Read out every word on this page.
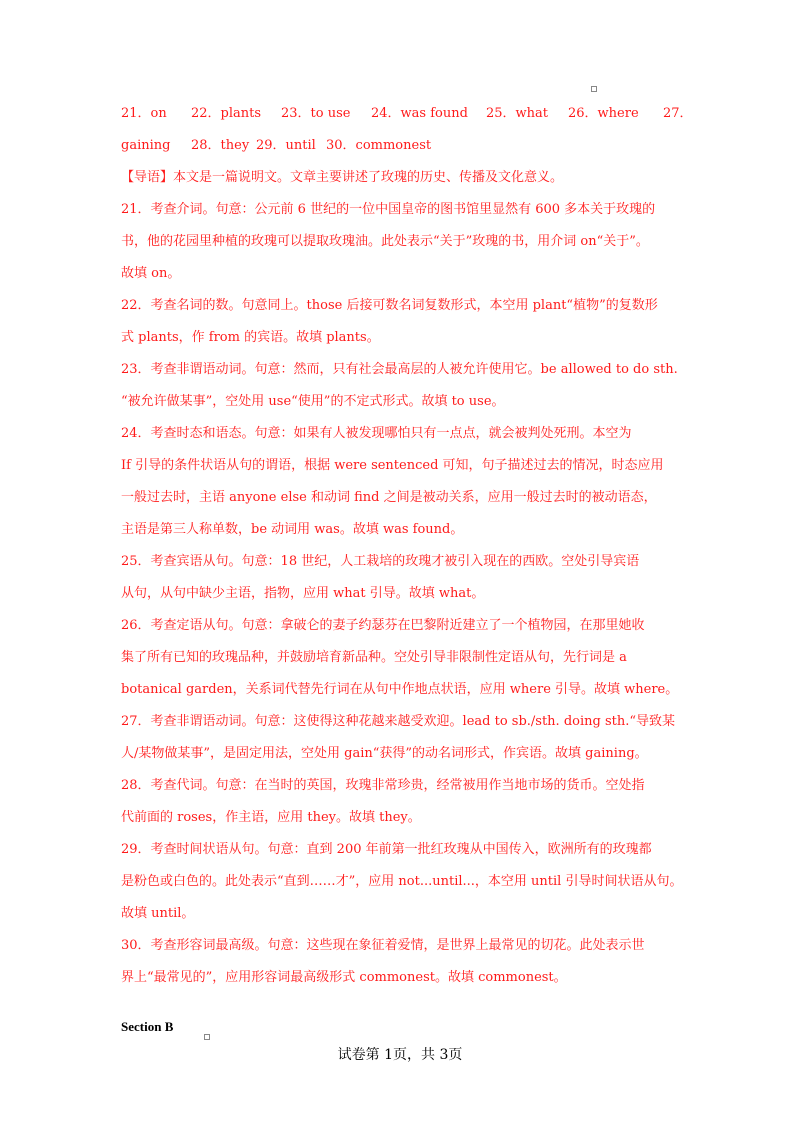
21．on 22．plants 23．to use 24．was found 25．what 26．where 27．
gaining 28．they 29．until 30．commonest
【导语】本文是一篇说明文。文章主要讲述了玫瑰的历史、传播及文化意义。
21．考查介词。句意：公元前 6 世纪的一位中国皇帝的图书馆里显然有 600 多本关于玫瑰的
书，他的花园里种植的玫瑰可以提取玫瑰油。此处表示“关于”玫瑰的书，用介词 on“关于”。
故填 on。
22．考查名词的数。句意同上。those 后接可数名词复数形式，本空用 plant“植物”的复数形
式 plants，作 from 的宾语。故填 plants。
23．考查非谓语动词。句意：然而，只有社会最高层的人被允许使用它。be allowed to do sth.
“被允许做某事”，空处用 use“使用”的不定式形式。故填 to use。
24．考查时态和语态。句意：如果有人被发现哪怕只有一点点，就会被判处死刑。本空为
If 引导的条件状语从句的谓语，根据 were sentenced 可知，句子描述过去的情况，时态应用
一般过去时，主语 anyone else 和动词 find 之间是被动关系，应用一般过去时的被动语态，
主语是第三人称单数，be 动词用 was。故填 was found。
25．考查宾语从句。句意：18 世纪，人工栽培的玫瑰才被引入现在的西欧。空处引导宾语
从句，从句中缺少主语，指物，应用 what 引导。故填 what。
26．考查定语从句。句意：拿破仑的妻子约瑟芬在巴黎附近建立了一个植物园，在那里她收
集了所有已知的玫瑰品种，并鼓励培育新品种。空处引导非限制性定语从句，先行词是 a
botanical garden，关系词代替先行词在从句中作地点状语，应用 where 引导。故填 where。
27．考查非谓语动词。句意：这使得这种花越来越受欢迎。lead to sb./sth. doing sth.“导致某
人/某物做某事”，是固定用法，空处用 gain“获得”的动名词形式，作宾语。故填 gaining。
28．考查代词。句意：在当时的英国，玫瑰非常珍贵，经常被用作当地市场的货币。空处指
代前面的 roses，作主语，应用 they。故填 they。
29．考查时间状语从句。句意：直到 200 年前第一批红玫瑰从中国传入，欧洲所有的玫瑰都
是粉色或白色的。此处表示“直到……才”，应用 not...until...，本空用 until 引导时间状语从句。
故填 until。
30．考查形容词最高级。句意：这些现在象征着爱情，是世界上最常见的切花。此处表示世
界上“最常见的”，应用形容词最高级形式 commonest。故填 commonest。
Section B
试卷第 1页，共 3页
